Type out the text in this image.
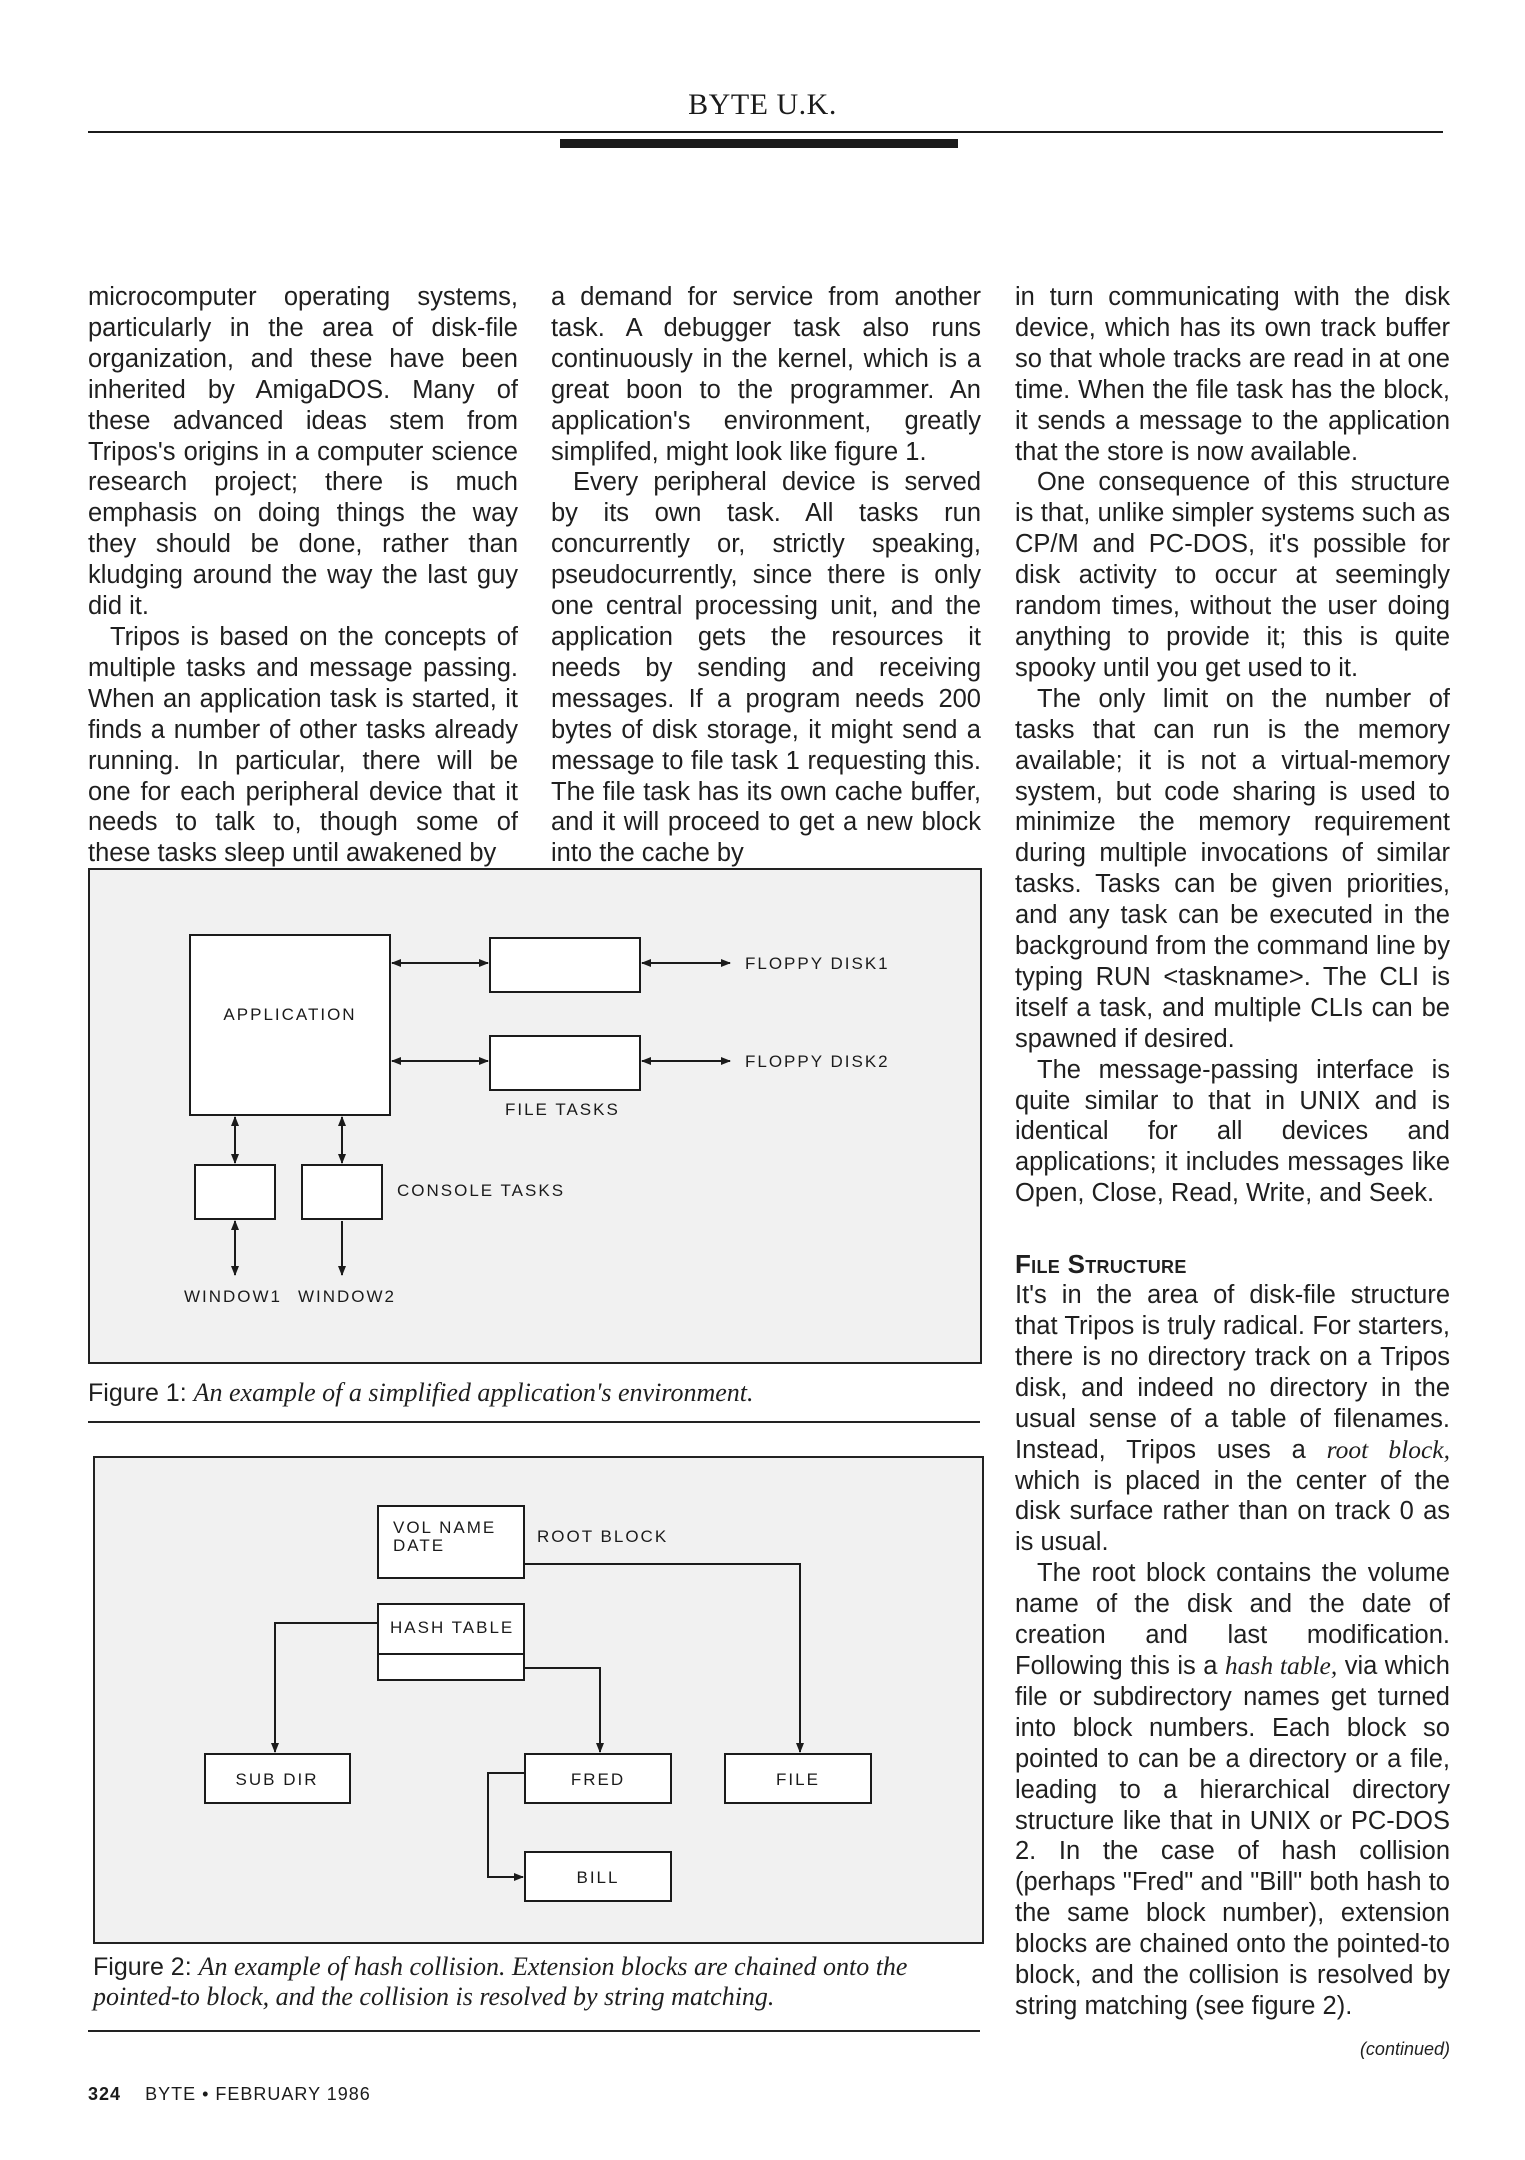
BYTE U.K.

microcomputer operating systems, particularly in the area of disk-file organization, and these have been inherited by AmigaDOS. Many of these advanced ideas stem from Tripos's origins in a computer science research project; there is much emphasis on doing things the way they should be done, rather than kludging around the way the last guy did it.

Tripos is based on the concepts of multiple tasks and message passing. When an application task is started, it finds a number of other tasks already running. In particular, there will be one for each peripheral device that it needs to talk to, though some of these tasks sleep until awakened by

a demand for service from another task. A debugger task also runs continuously in the kernel, which is a great boon to the programmer. An application's environment, greatly simplifed, might look like figure 1.

Every peripheral device is served by its own task. All tasks run concurrently or, strictly speaking, pseudocurrently, since there is only one central processing unit, and the application gets the resources it needs by sending and receiving messages. If a program needs 200 bytes of disk storage, it might send a message to file task 1 requesting this. The file task has its own cache buffer, and it will proceed to get a new block into the cache by

in turn communicating with the disk device, which has its own track buffer so that whole tracks are read in at one time. When the file task has the block, it sends a message to the application that the store is now available.

One consequence of this structure is that, unlike simpler systems such as CP/M and PC-DOS, it's possible for disk activity to occur at seemingly random times, without the user doing anything to provide it; this is quite spooky until you get used to it.

The only limit on the number of tasks that can run is the memory available; it is not a virtual-memory system, but code sharing is used to minimize the memory requirement during multiple invocations of similar tasks. Tasks can be given priorities, and any task can be executed in the background from the command line by typing RUN <taskname>. The CLI is itself a task, and multiple CLIs can be spawned if desired.

The message-passing interface is quite similar to that in UNIX and is identical for all devices and applications; it includes messages like Open, Close, Read, Write, and Seek.

File Structure

It's in the area of disk-file structure that Tripos is truly radical. For starters, there is no directory track on a Tripos disk, and indeed no directory in the usual sense of a table of filenames. Instead, Tripos uses a root block, which is placed in the center of the disk surface rather than on track 0 as is usual.

The root block contains the volume name of the disk and the date of creation and last modification. Following this is a hash table, via which file or subdirectory names get turned into block numbers. Each block so pointed to can be a directory or a file, leading to a hierarchical directory structure like that in UNIX or PC-DOS 2. In the case of hash collision (perhaps "Fred" and "Bill" both hash to the same block number), extension blocks are chained onto the pointed-to block, and the collision is resolved by string matching (see figure 2).

(continued)
APPLICATION
FLOPPY DISK1
FLOPPY DISK2
FILE TASKS
CONSOLE TASKS
WINDOW1 WINDOW2
Figure 1: An example of a simplified application's environment.
VOL NAME
DATE	ROOT BLOCK
HASH TABLE
SUB DIR	FRED	FILE
BILL
Figure 2: An example of hash collision. Extension blocks are chained onto the pointed-to block, and the collision is resolved by string matching.
324 BYTE • FEBRUARY 1986
